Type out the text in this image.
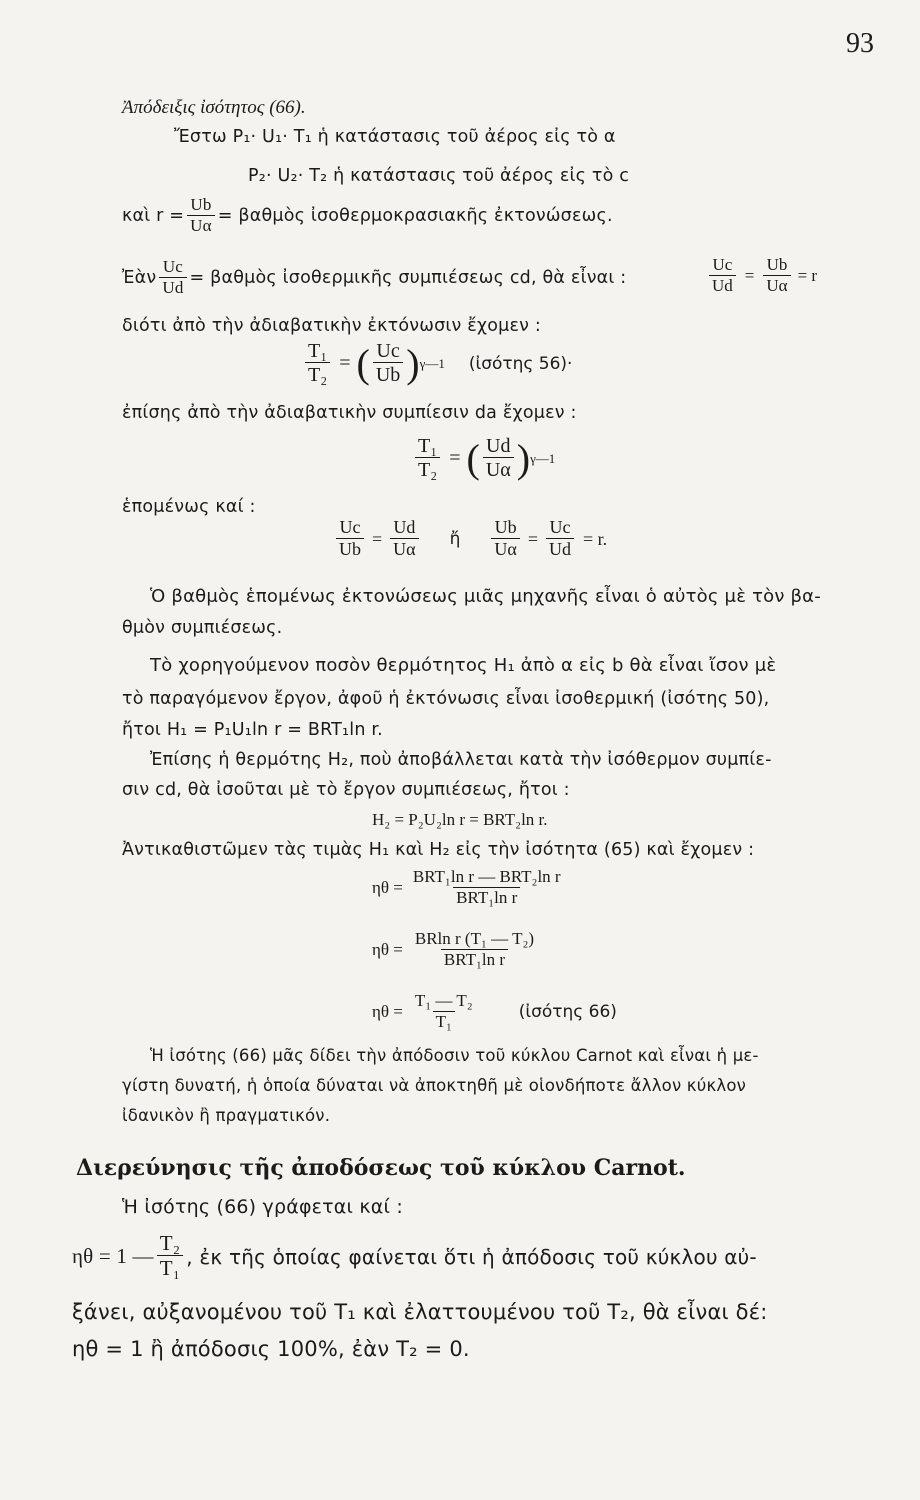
93
Ἀπόδειξις ἰσότητος (66).
Ἔστω P₁· U₁· T₁ ἡ κατάστασις τοῦ ἀέρος εἰς τὸ α
P₂· U₂· T₂ ἡ κατάστασις τοῦ ἀέρος εἰς τὸ c
καὶ $r = \frac{Ub}{U\alpha}$ = βαθμὸς ἰσοθερμοκρασιακῆς ἐκτονώσεως.
Ἐὰν $\frac{Uc}{Ud}$ = βαθμὸς ἰσοθερμικῆς συμπιέσεως cd, θὰ εἶναι :	$\frac{Uc}{Ud} = \frac{Ub}{U\alpha} = r$
διότι ἀπὸ τὴν ἀδιαβατικὴν ἐκτόνωσιν ἔχομεν :
$\frac{\text{T₁}}{\text{T₂}}$ = ( $\frac{Uc}{Ub}$ ) γ—1 (ἰσότης 56)·
ἐπίσης ἀπὸ τὴν ἀδιαβατικὴν συμπίεσιν da ἔχομεν :
$\frac{\text{T₁}}{\text{T₂}}$ = ( $\frac{Ud}{U\alpha}$ ) γ—1
ἑπομένως καί :
$\frac{Uc}{Ub} = \frac{Ud}{U\alpha}$ ἤ $\frac{Ub}{U\alpha} = \frac{Uc}{Ud} = r$.
Ὁ βαθμὸς ἑπομένως ἐκτονώσεως μιᾶς μηχανῆς εἶναι ὁ αὐτὸς μὲ τὸν βα-
θμὸν συμπιέσεως.
Τὸ χορηγούμενον ποσὸν θερμότητος H₁ ἀπὸ α εἰς b θὰ εἶναι ἴσον μὲ
τὸ παραγόμενον ἔργον, ἀφοῦ ἡ ἐκτόνωσις εἶναι ἰσοθερμική (ἰσότης 50),
ἤτοι H₁ = P₁U₁ln r = BRT₁ln r.
Ἐπίσης ἡ θερμότης H₂, ποὺ ἀποβάλλεται κατὰ τὴν ἰσόθερμον συμπίε-
σιν cd, θὰ ἰσοῦται μὲ τὸ ἔργον συμπιέσεως, ἤτοι :
H₂ = P₂U₂ln r = BRT₂ln r.
Ἀντικαθιστῶμεν τὰς τιμὰς H₁ καὶ H₂ εἰς τὴν ἰσότητα (65) καὶ ἔχομεν :
$\eta\theta = \frac{\text{BRT₁ln r — BRT₂ln r}}{\text{BRT₁ln r}}$
$\eta\theta = \frac{\text{BRln r (T₁ — T₂)}}{\text{BRT₁ln r}}$
$\eta\theta = \frac{\text{T₁ — T₂}}{\text{T₁}}$	(ἰσότης 66)
Ἡ ἰσότης (66) μᾶς δίδει τὴν ἀπόδοσιν τοῦ κύκλου Carnot καὶ εἶναι ἡ με-
γίστη δυνατή, ἡ ὁποία δύναται νὰ ἀποκτηθῆ μὲ οἱονδήποτε ἄλλον κύκλον
ἰδανικὸν ἢ πραγματικόν.
Διερεύνησις τῆς ἀποδόσεως τοῦ κύκλου Carnot.
Ἡ ἰσότης (66) γράφεται καί :
ηθ = 1 — $\frac{\text{T₂}}{\text{T₁}}$ , ἐκ τῆς ὁποίας φαίνεται ὅτι ἡ ἀπόδοσις τοῦ κύκλου αὐ-
ξάνει, αὐξανομένου τοῦ T₁ καὶ ἐλαττουμένου τοῦ T₂, θὰ εἶναι δέ:
ηθ = 1 ἢ ἀπόδοσις 100%, ἐὰν T₂ = 0.
